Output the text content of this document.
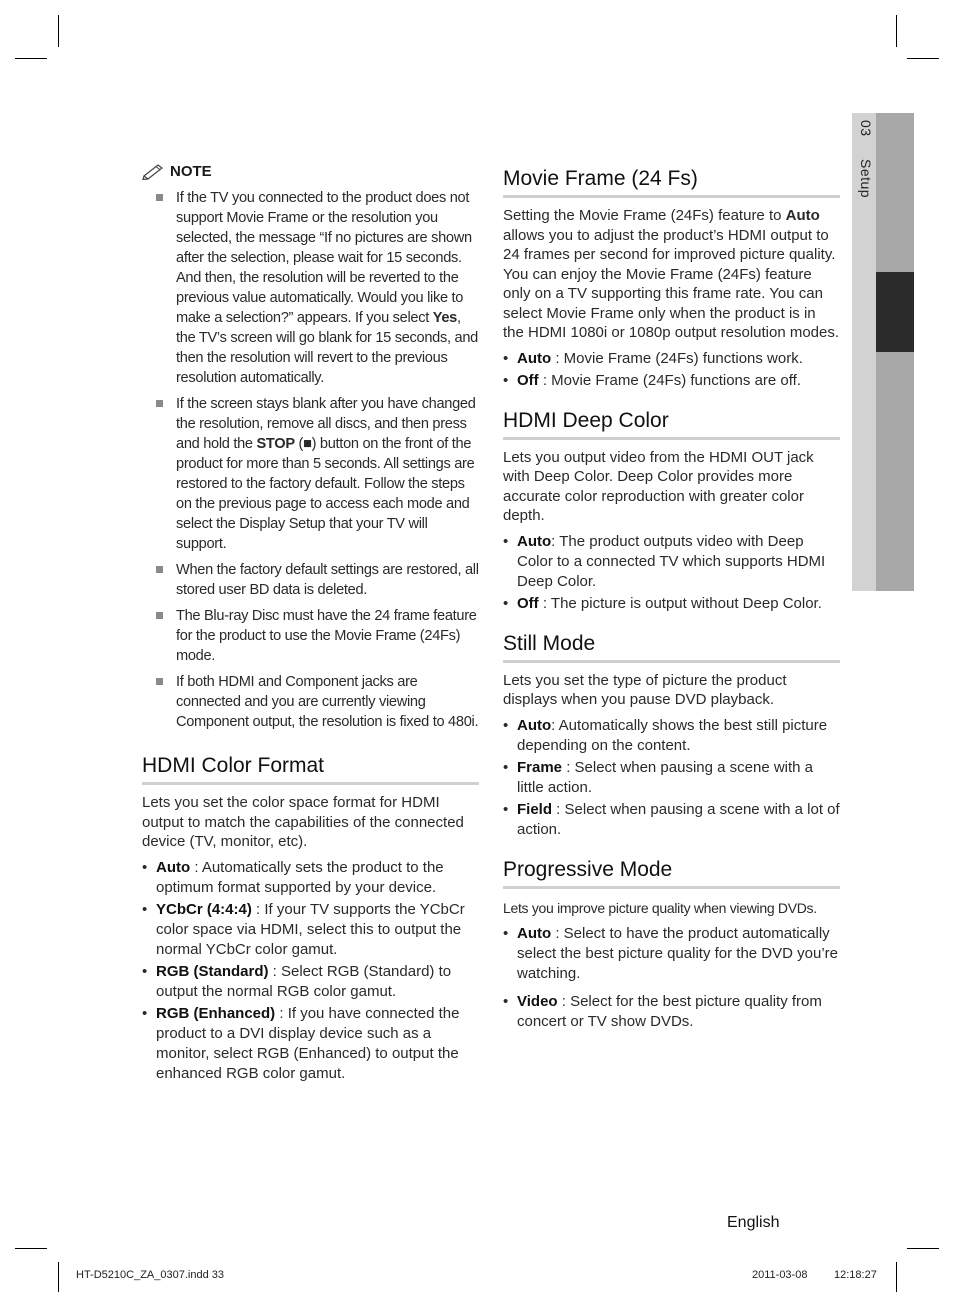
03 Setup
NOTE
If the TV you connected to the product does not support Movie Frame or the resolution you selected, the message “If no pictures are shown after the selection, please wait for 15 seconds. And then, the resolution will be reverted to the previous value automatically. Would you like to make a selection?” appears. If you select Yes, the TV’s screen will go blank for 15 seconds, and then the resolution will revert to the previous resolution automatically.
If the screen stays blank after you have changed the resolution, remove all discs, and then press and hold the STOP (■) button on the front of the product for more than 5 seconds. All settings are restored to the factory default. Follow the steps on the previous page to access each mode and select the Display Setup that your TV will support.
When the factory default settings are restored, all stored user BD data is deleted.
The Blu-ray Disc must have the 24 frame feature for the product to use the Movie Frame (24Fs) mode.
If both HDMI and Component jacks are connected and you are currently viewing Component output, the resolution is fixed to 480i.
HDMI Color Format

Lets you set the color space format for HDMI output to match the capabilities of the connected device (TV, monitor, etc).

• Auto : Automatically sets the product to the optimum format supported by your device.
• YCbCr (4:4:4) : If your TV supports the YCbCr color space via HDMI, select this to output the normal YCbCr color gamut.
• RGB (Standard) : Select RGB (Standard) to output the normal RGB color gamut.
• RGB (Enhanced) : If you have connected the product to a DVI display device such as a monitor, select RGB (Enhanced) to output the enhanced RGB color gamut.
Movie Frame (24 Fs)

Setting the Movie Frame (24Fs) feature to Auto allows you to adjust the product’s HDMI output to 24 frames per second for improved picture quality. You can enjoy the Movie Frame (24Fs) feature only on a TV supporting this frame rate. You can select Movie Frame only when the product is in the HDMI 1080i or 1080p output resolution modes.

• Auto : Movie Frame (24Fs) functions work.
• Off : Movie Frame (24Fs) functions are off.
HDMI Deep Color

Lets you output video from the HDMI OUT jack with Deep Color. Deep Color provides more accurate color reproduction with greater color depth.

• Auto: The product outputs video with Deep Color to a connected TV which supports HDMI Deep Color.
• Off : The picture is output without Deep Color.
Still Mode

Lets you set the type of picture the product displays when you pause DVD playback.

• Auto: Automatically shows the best still picture depending on the content.
• Frame : Select when pausing a scene with a little action.
• Field : Select when pausing a scene with a lot of action.
Progressive Mode

Lets you improve picture quality when viewing DVDs.

• Auto : Select to have the product automatically select the best picture quality for the DVD you’re watching.
• Video : Select for the best picture quality from concert or TV show DVDs.
English
HT-D5210C_ZA_0307.indd 33	2011-03-08 12:18:27
